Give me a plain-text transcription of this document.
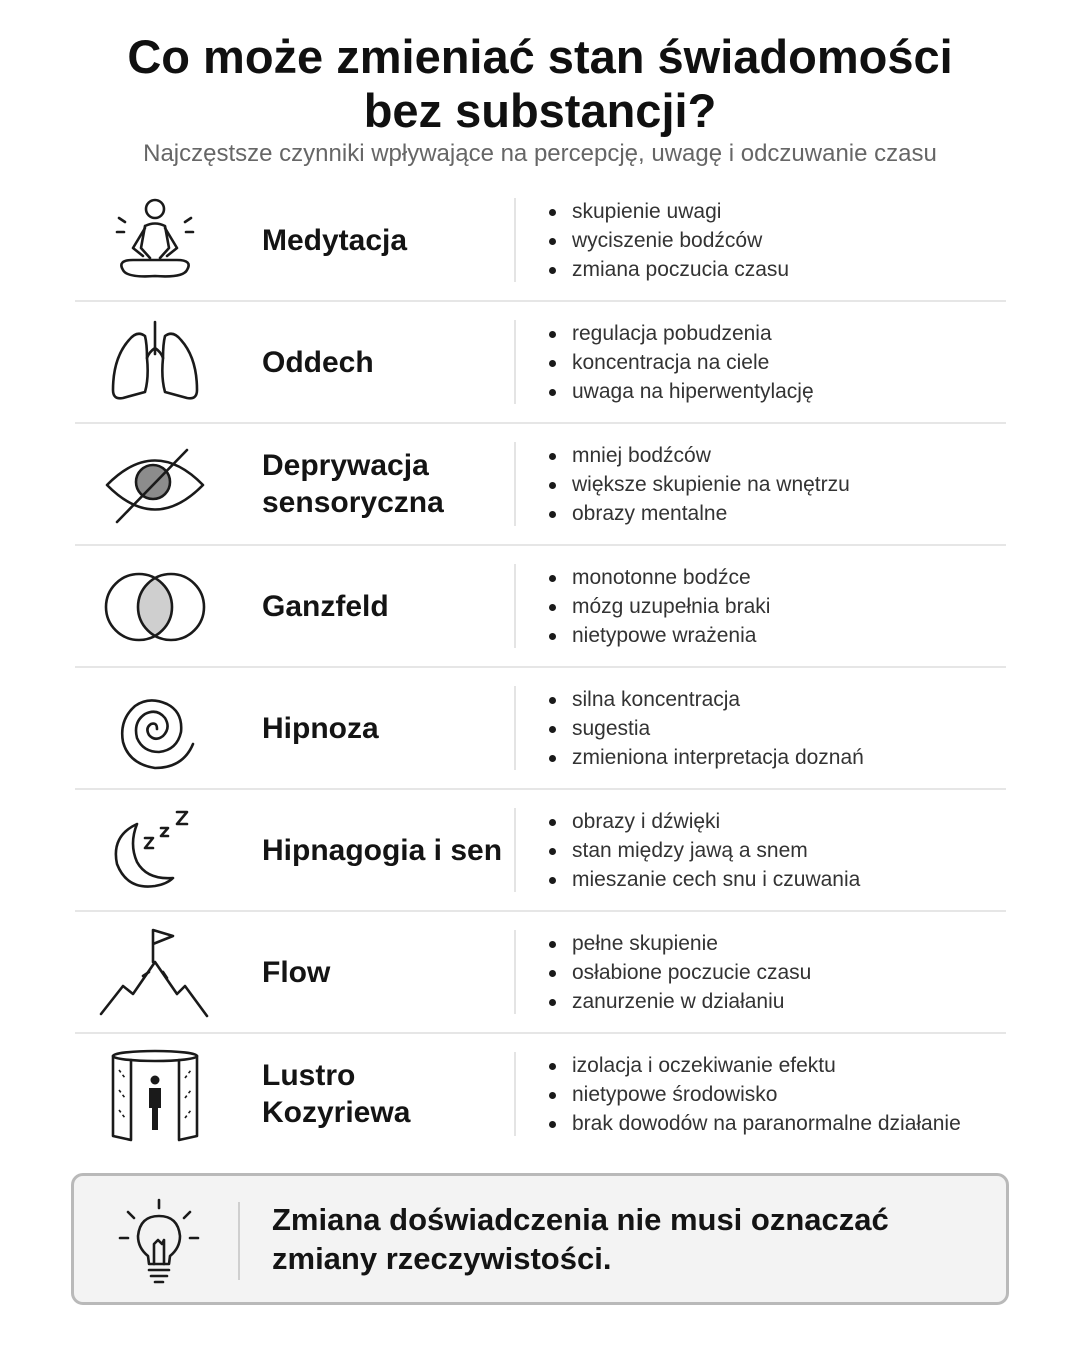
Co może zmieniać stan świadomości
bez substancji?

Najczęstsze czynniki wpływające na percepcję, uwagę i odczuwanie czasu

Medytacja
skupienie uwagi
wyciszenie bodźców
zmiana poczucia czasu
Oddech
regulacja pobudzenia
koncentracja na ciele
uwaga na hiperwentylację
Deprywacja sensoryczna
mniej bodźców
większe skupienie na wnętrzu
obrazy mentalne
Ganzfeld
monotonne bodźce
mózg uzupełnia braki
nietypowe wrażenia
Hipnoza
silna koncentracja
sugestia
zmieniona interpretacja doznań
Hipnagogia i sen
obrazy i dźwięki
stan między jawą a snem
mieszanie cech snu i czuwania
Flow
pełne skupienie
osłabione poczucie czasu
zanurzenie w działaniu
Lustro Kozyriewa
izolacja i oczekiwanie efektu
nietypowe środowisko
brak dowodów na paranormalne działanie
Zmiana doświadczenia nie musi oznaczać
zmiany rzeczywistości.
